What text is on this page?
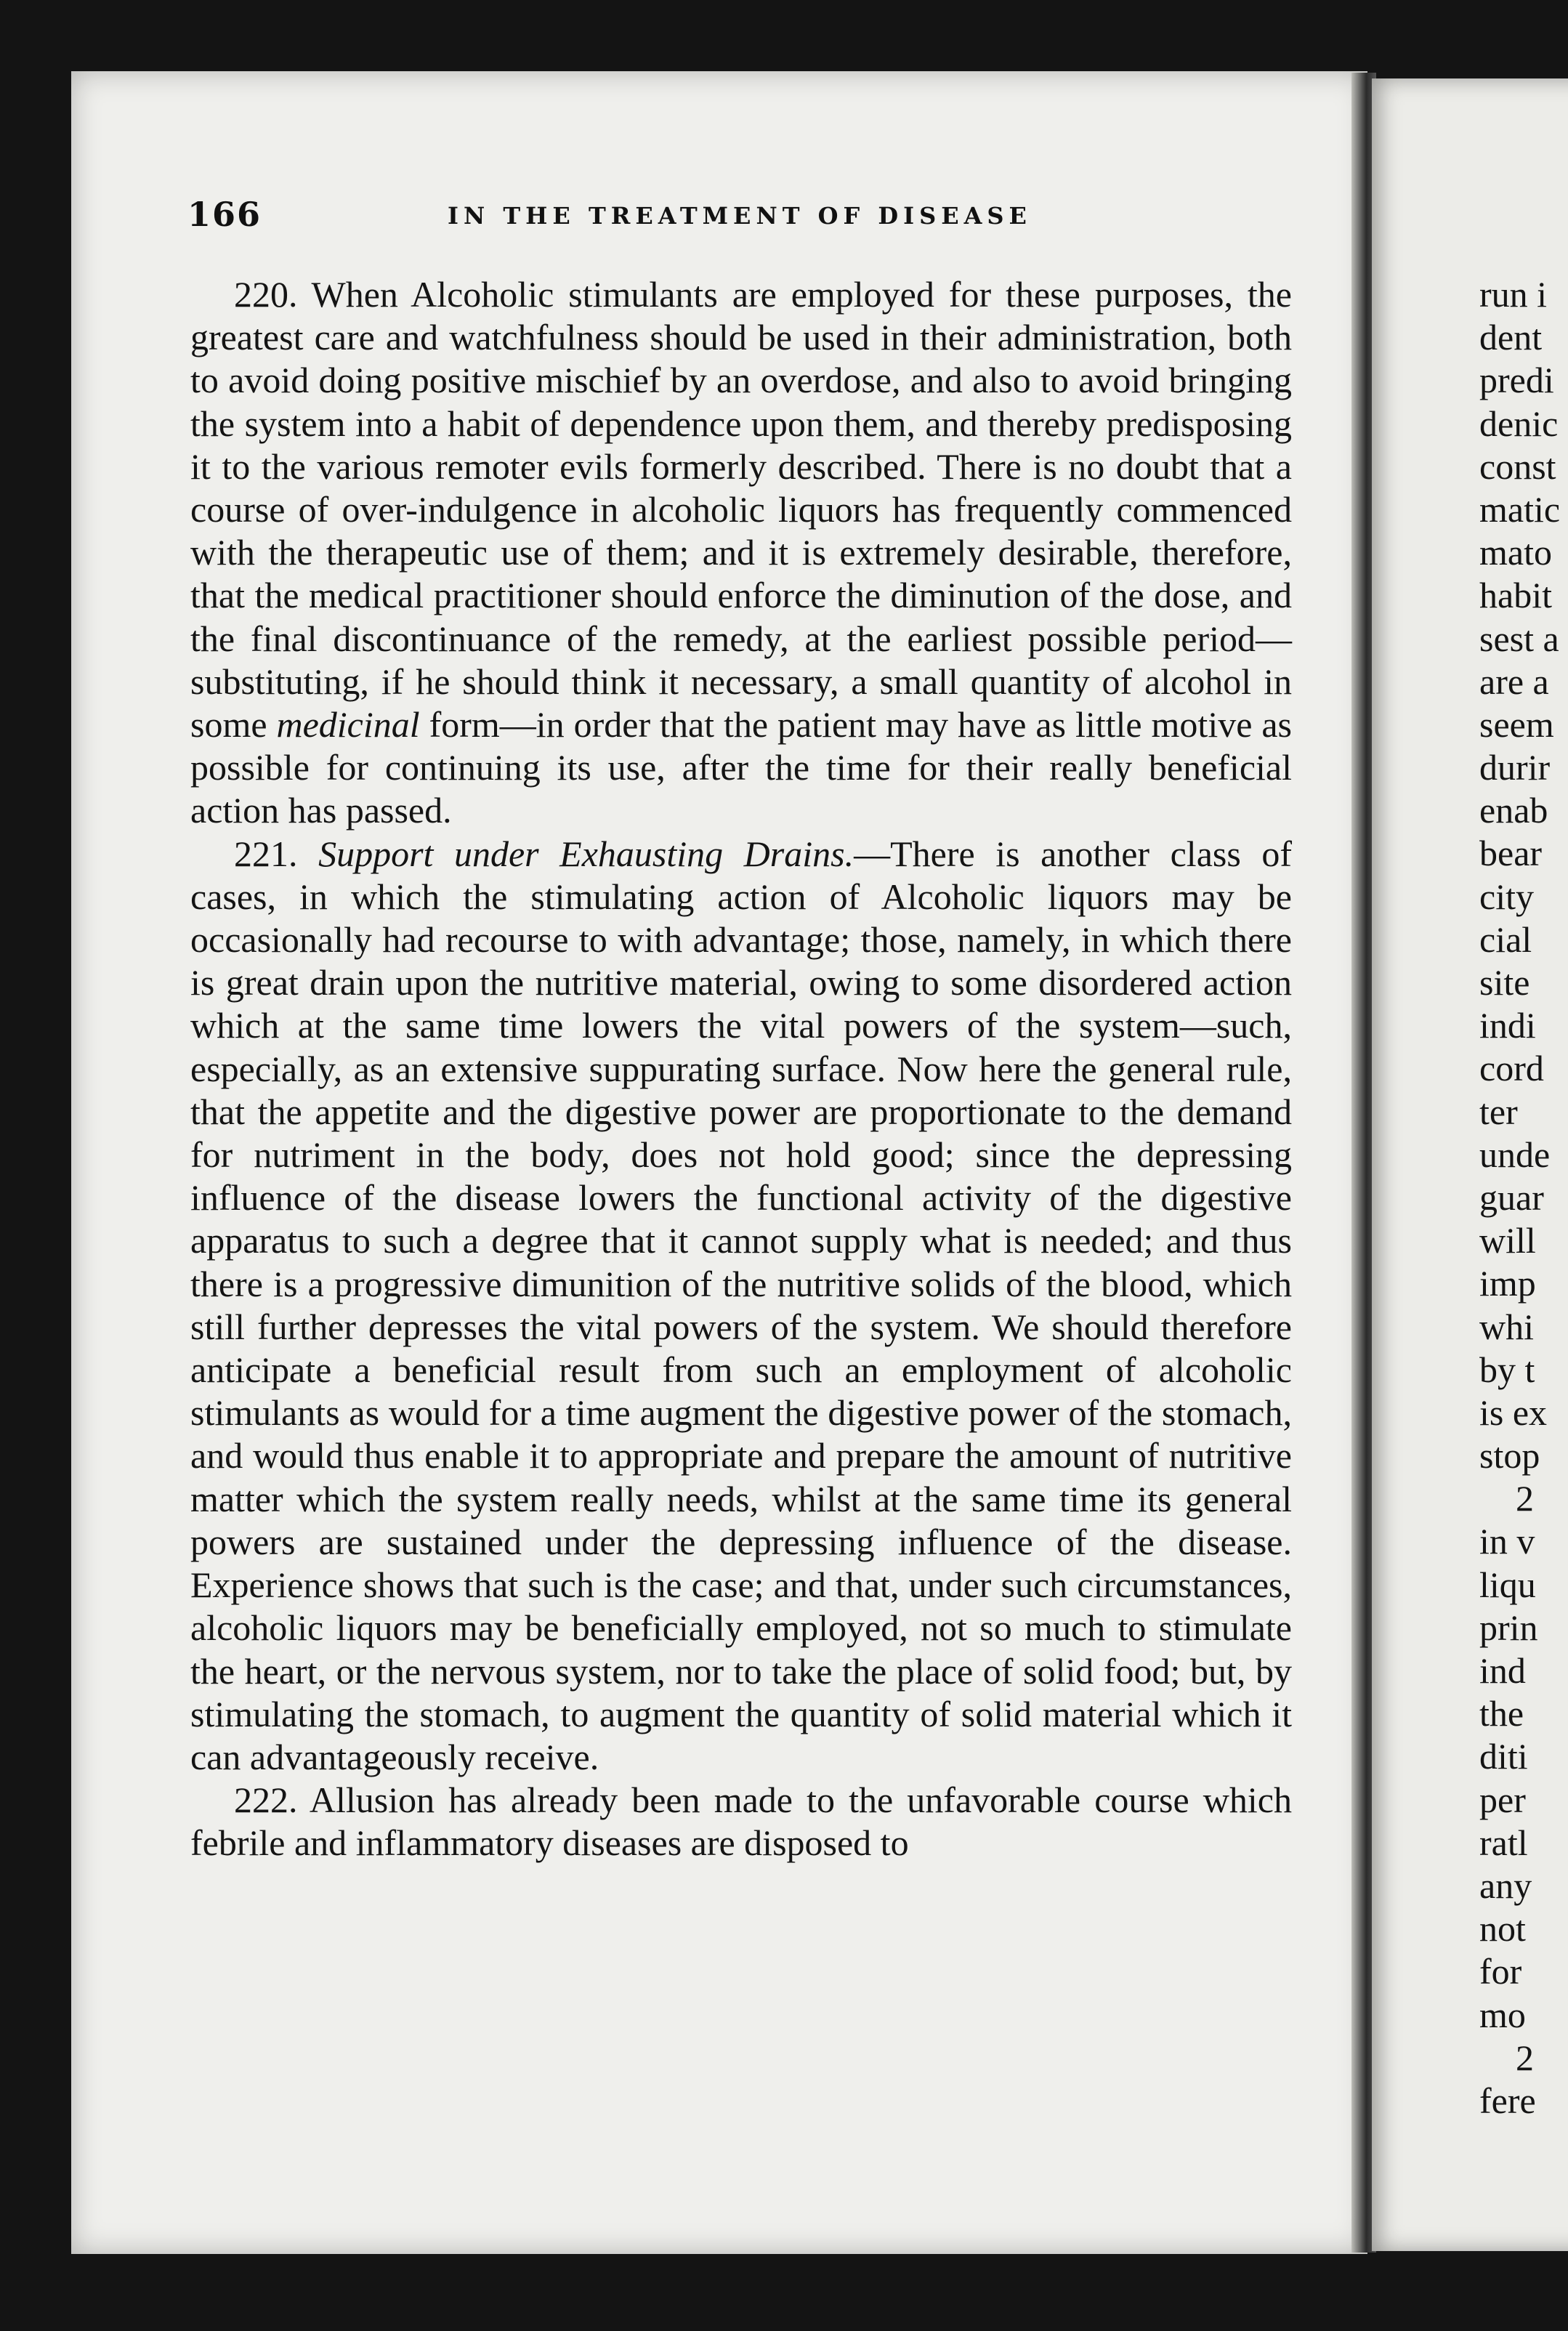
166	IN THE TREATMENT OF DISEASE

220. When Alcoholic stimulants are employed for these purposes, the greatest care and watchfulness should be used in their administration, both to avoid doing positive mischief by an overdose, and also to avoid bringing the system into a habit of dependence upon them, and thereby predisposing it to the various remoter evils formerly described. There is no doubt that a course of over-indulgence in alcoholic liquors has frequently commenced with the therapeutic use of them; and it is extremely desirable, therefore, that the medical practitioner should enforce the diminution of the dose, and the final discontinuance of the remedy, at the earliest possible period—substituting, if he should think it necessary, a small quantity of alcohol in some medicinal form—in order that the patient may have as little motive as possible for continuing its use, after the time for their really beneficial action has passed.

221. Support under Exhausting Drains.—There is another class of cases, in which the stimulating action of Alcoholic liquors may be occasionally had recourse to with advantage; those, namely, in which there is great drain upon the nutritive material, owing to some disordered action which at the same time lowers the vital powers of the system—such, especially, as an extensive suppurating surface. Now here the general rule, that the appetite and the digestive power are proportionate to the demand for nutriment in the body, does not hold good; since the depressing influence of the disease lowers the functional activity of the digestive apparatus to such a degree that it cannot supply what is needed; and thus there is a progressive dimunition of the nutritive solids of the blood, which still further depresses the vital powers of the system. We should therefore anticipate a beneficial result from such an employment of alcoholic stimulants as would for a time augment the digestive power of the stomach, and would thus enable it to appropriate and prepare the amount of nutritive matter which the system really needs, whilst at the same time its general powers are sustained under the depressing influence of the disease. Experience shows that such is the case; and that, under such circumstances, alcoholic liquors may be beneficially employed, not so much to stimulate the heart, or the nervous system, nor to take the place of solid food; but, by stimulating the stomach, to augment the quantity of solid material which it can advantageously receive.

222. Allusion has already been made to the unfavorable course which febrile and inflammatory diseases are disposed to

run i
dent
predi
denic
const
matic
mato
habit
sest a
are a
seem
durir
enab
bear
city
cial
site
indi
cord
ter
unde
guar
will
imp
whi
by t
is ex
stop
2
in v
liqu
prin
ind
the
diti
per
ratl
any
not
for
mo
2
fere
